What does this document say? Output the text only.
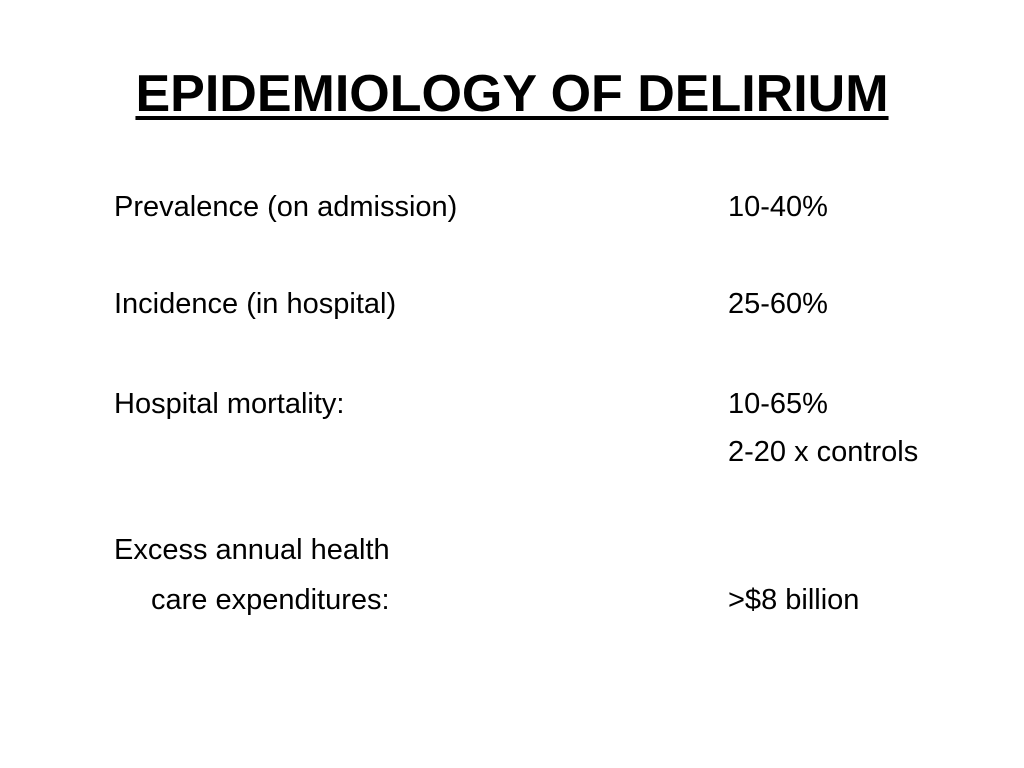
EPIDEMIOLOGY OF DELIRIUM
Prevalence (on admission)	10-40%
Incidence (in hospital)	25-60%
Hospital mortality:	10-65%
2-20 x controls
Excess annual health
care expenditures:	>$8 billion
